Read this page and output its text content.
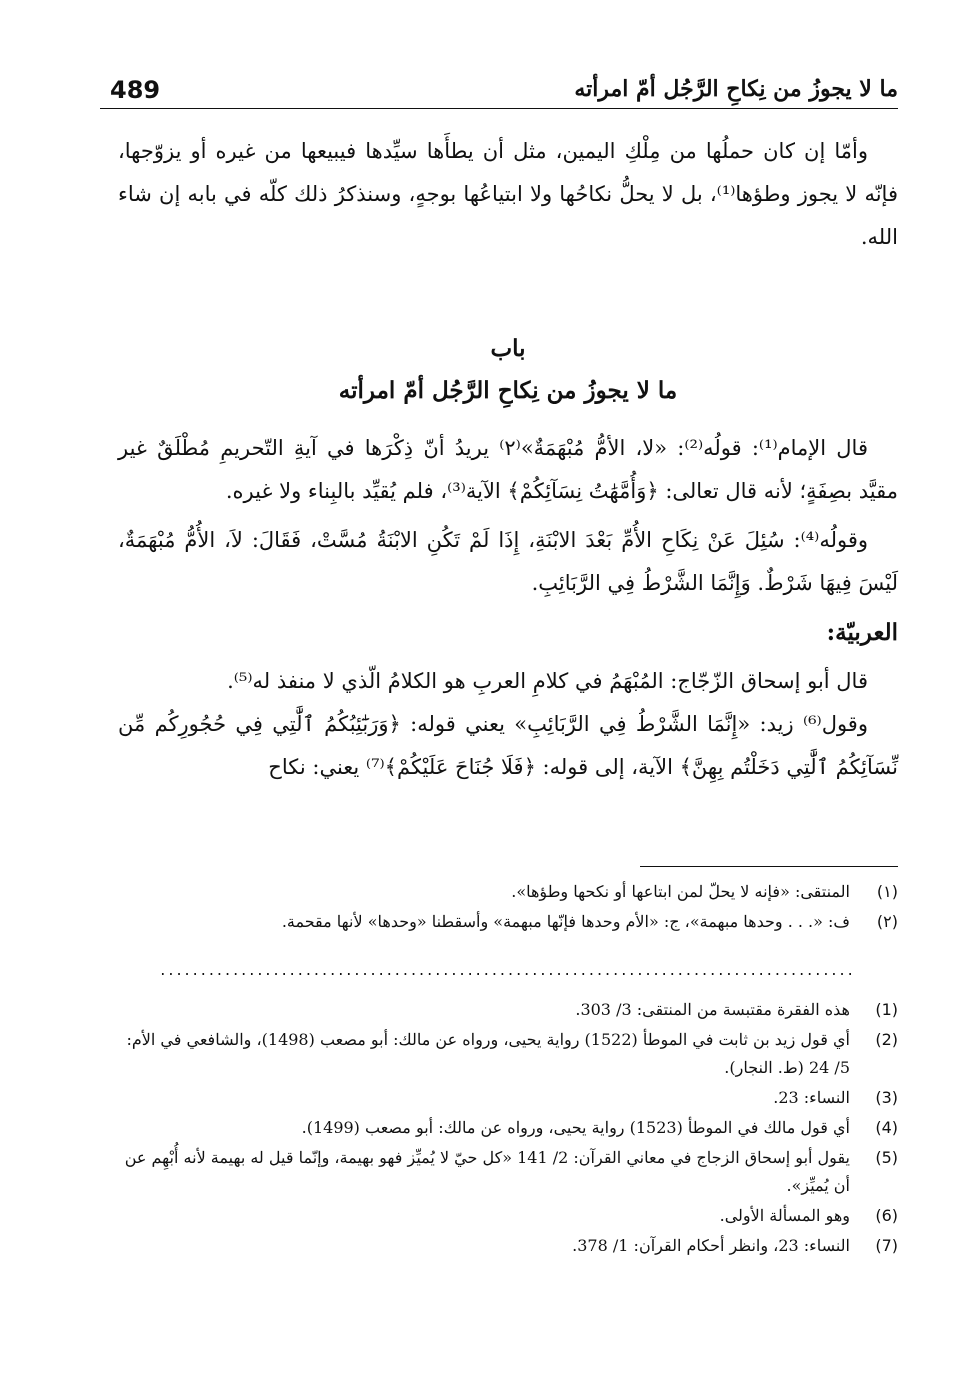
489	ما لا يجوزُ من نِكاحِ الرَّجُل أمّ امرأته

وأمّا إن كان حملُها من مِلْكِ اليمين، مثل أن يطأَها سيِّدها فيبيعها من غيره أو يزوّجها، فإنّه لا يجوز وطؤها⁽¹⁾، بل لا يحلُّ نكاحُها ولا ابتياعُها بوجهٍ، وسنذكرُ ذلك كلّه في بابه إن شاء الله.

باب

ما لا يجوزُ من نِكاحِ الرَّجُل أمّ امرأته

قال الإمام⁽¹⁾: قولُه⁽²⁾: «لا، الأمُّ مُبْهَمَةٌ»⁽٢⁾ يريدُ أنّ ذِكْرَها في آيةِ التّحريمِ مُطْلَقٌ غير مقيَّد بصِفَةٍ؛ لأنه قال تعالى: ﴿وَأُمَّهَٰتُ نِسَآئِكُمْ﴾ الآية⁽³⁾، فلم يُقيِّد بالبِناء ولا غيره.

وقولُه⁽⁴⁾: سُئِلَ عَنْ نِكَاحِ الأُمِّ بَعْدَ الابْنَةِ، إِذَا لَمْ تَكُنِ الابْنَةُ مُسَّتْ، فَقَالَ: لاَ، الأُمُّ مُبْهَمَةٌ، لَيْسَ فِيهَا شَرْطٌ. وَإِنَّمَا الشَّرْطُ فِي الرَّبَائِبِ.

العربيّة:

قال أبو إسحاق الزّجّاج: المُبْهَمُ في كلامِ العربِ هو الكلامُ الّذي لا منفذ له⁽⁵⁾.

وقول⁽⁶⁾ زيد: «إِنَّمَا الشَّرْطُ فِي الرَّبَائِبِ» يعني قوله: ﴿وَرَبَٰٓئِبُكُمُ ٱلَّٰتِي فِي حُجُورِكُم مِّن نِّسَآئِكُمُ ٱلَّٰتِي دَخَلْتُم بِهِنَّ﴾ الآية، إلى قوله: ﴿فَلَا جُنَاحَ عَلَيْكُمْ﴾⁽⁷⁾ يعني: نكاح

(١)
المنتقى: «فإنه لا يحلّ لمن ابتاعها أو نكحها وطؤها».
(٢)
ف: «. . . وحدها مبهمة»، ج: «الأم وحدها فإنّها مبهمة» وأسقطنا «وحدها» لأنها مقحمة.
......................................................................................
(1)
هذه الفقرة مقتبسة من المنتقى: 3/ 303.
(2)
أي قول زيد بن ثابت في الموطأ (1522) رواية يحيى، ورواه عن مالك: أبو مصعب (1498)، والشافعي في الأم: 5/ 24 (ط. النجار).
(3)
النساء: 23.
(4)
أي قول مالك في الموطأ (1523) رواية يحيى، ورواه عن مالك: أبو مصعب (1499).
(5)
يقول أبو إسحاق الزجاج في معاني القرآن: 2/ 141 «كل حيّ لا يُميِّز فهو بهيمة، وإنّما قيل له بهيمة لأنه أُبْهِم عن أن يُميِّز».
(6)
وهو المسألة الأولى.
(7)
النساء: 23، وانظر أحكام القرآن: 1/ 378.
